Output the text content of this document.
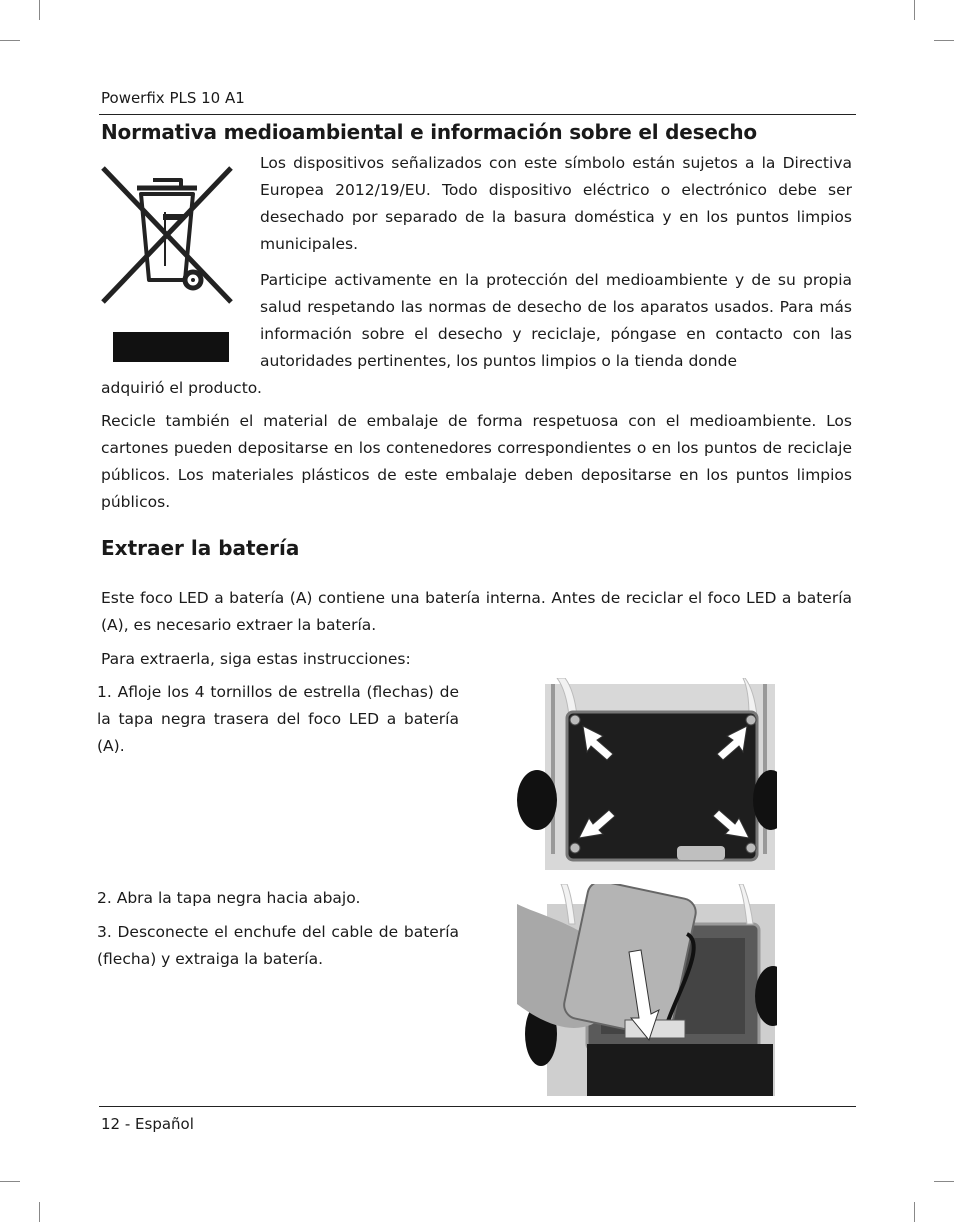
Powerfix PLS 10 A1
Normativa medioambiental e información sobre el desecho

Los dispositivos señalizados con este símbolo están sujetos a la Directiva Europea 2012/19/EU. Todo dispositivo eléctrico o electrónico debe ser desechado por separado de la basura doméstica y en los puntos limpios municipales.

Participe activamente en la protección del medioambiente y de su propia salud respetando las normas de desecho de los aparatos usados. Para más información sobre el desecho y reciclaje, póngase en contacto con las autoridades pertinentes, los puntos limpios o la tienda donde

adquirió el producto.

Recicle también el material de embalaje de forma respetuosa con el medioambiente. Los cartones pueden depositarse en los contenedores correspondientes o en los puntos de reciclaje públicos. Los materiales plásticos de este embalaje deben depositarse en los puntos limpios públicos.

Extraer la batería

Este foco LED a batería (A) contiene una batería interna. Antes de reciclar el foco LED a batería (A), es necesario extraer la batería.

Para extraerla, siga estas instrucciones:

1. Afloje los 4 tornillos de estrella (flechas) de la tapa negra trasera del foco LED a batería (A).

2. Abra la tapa negra hacia abajo.

3. Desconecte el enchufe del cable de batería (flecha) y extraiga la batería.

12 - Español
